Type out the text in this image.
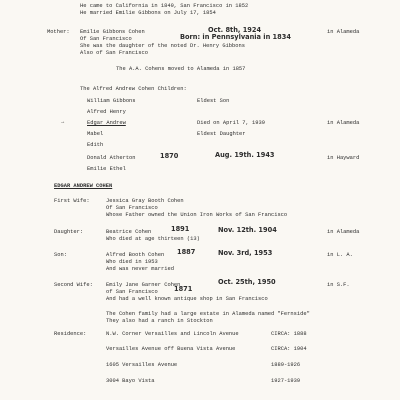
He came to California in 1849, San Francisco in 1852
He married Emilie Gibbons on July 17, 1854
Mother: Emilie Gibbons Cohen	Oct. 8th, 1924	in Alameda
Of San Francisco	Born: in Pennsylvania in 1834
She was the daughter of the noted Dr. Henry Gibbons
Also of San Francisco
The A.A. Cohens moved to Alameda in 1857
The Alfred Andrew Cohen Children:
William Gibbons	Eldest Son
Alfred Henry
→	Edgar Andrew	Died on April 7, 1939	in Alameda
Mabel	Eldest Daughter
Edith
Donald Atherton	1870	Aug. 19th. 1943	in Hayward
Emilie Ethel
EDGAR ANDREW COHEN
First Wife:	Jessica Gray Booth Cohen
Of San Francisco
Whose Father owned the Union Iron Works of San Francisco
Daughter:	Beatrice Cohen	1891	Nov. 12th. 1904	in Alameda
Who died at age thirteen (13)
Son:	Alfred Booth Cohen 1887	Nov. 3rd, 1953	in L. A.
Who died in 1953
And was never married
Second Wife: Emily Jane Garner Cohen	Oct. 25th, 1950	in S.F.
of San Francisco 1871
And had a well known antique shop in San Francisco
The Cohen family had a large estate in Alameda named "Fernside"
They also had a ranch in Stockton
Residence:	N.W. Corner Versailles and Lincoln Avenue	CIRCA: 1888
Versailles Avenue off Buena Vista Avenue	CIRCA: 1904
1605 Versailles Avenue	1889-1926
3004 Bayo Vista	1927-1939
